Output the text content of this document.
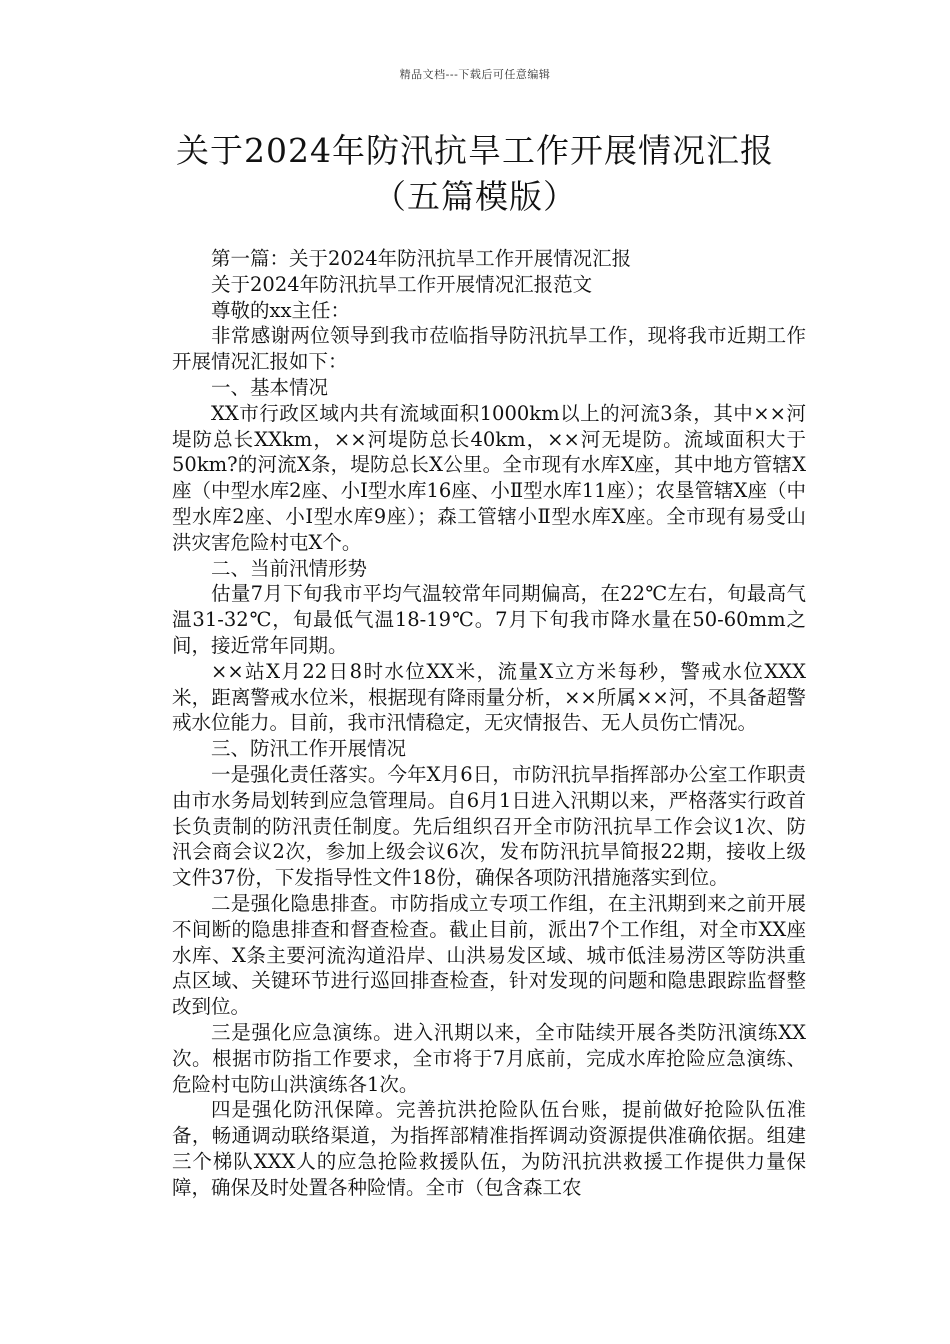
精品文档---下载后可任意编辑
关于2024年防汛抗旱工作开展情况汇报
（五篇模版）

第一篇：关于2024年防汛抗旱工作开展情况汇报

关于2024年防汛抗旱工作开展情况汇报范文

尊敬的xx主任：

非常感谢两位领导到我市莅临指导防汛抗旱工作，现将我市近期工作开展情况汇报如下：

一、基本情况

XX市行政区域内共有流域面积1000km以上的河流3条，其中××河堤防总长XXkm，××河堤防总长40km，××河无堤防。流域面积大于50km?的河流X条，堤防总长X公里。全市现有水库X座，其中地方管辖X座（中型水库2座、小Ⅰ型水库16座、小Ⅱ型水库11座）；农垦管辖X座（中型水库2座、小Ⅰ型水库9座）；森工管辖小Ⅱ型水库X座。全市现有易受山洪灾害危险村屯X个。

二、当前汛情形势

估量7月下旬我市平均气温较常年同期偏高，在22℃左右，旬最高气温31-32℃，旬最低气温18-19℃。7月下旬我市降水量在50-60mm之间，接近常年同期。

××站X月22日8时水位XX米，流量X立方米每秒，警戒水位XXX米，距离警戒水位米，根据现有降雨量分析，××所属××河，不具备超警戒水位能力。目前，我市汛情稳定，无灾情报告、无人员伤亡情况。

三、防汛工作开展情况

一是强化责任落实。今年X月6日，市防汛抗旱指挥部办公室工作职责由市水务局划转到应急管理局。自6月1日进入汛期以来，严格落实行政首长负责制的防汛责任制度。先后组织召开全市防汛抗旱工作会议1次、防汛会商会议2次，参加上级会议6次，发布防汛抗旱简报22期，接收上级文件37份，下发指导性文件18份，确保各项防汛措施落实到位。

二是强化隐患排查。市防指成立专项工作组，在主汛期到来之前开展不间断的隐患排查和督查检查。截止目前，派出7个工作组，对全市XX座水库、X条主要河流沟道沿岸、山洪易发区域、城市低洼易涝区等防洪重点区域、关键环节进行巡回排查检查，针对发现的问题和隐患跟踪监督整改到位。

三是强化应急演练。进入汛期以来，全市陆续开展各类防汛演练XX次。根据市防指工作要求，全市将于7月底前，完成水库抢险应急演练、危险村屯防山洪演练各1次。

四是强化防汛保障。完善抗洪抢险队伍台账，提前做好抢险队伍准备，畅通调动联络渠道，为指挥部精准指挥调动资源提供准确依据。组建三个梯队XXX人的应急抢险救援队伍，为防汛抗洪救援工作提供力量保障，确保及时处置各种险情。全市（包含森工农
